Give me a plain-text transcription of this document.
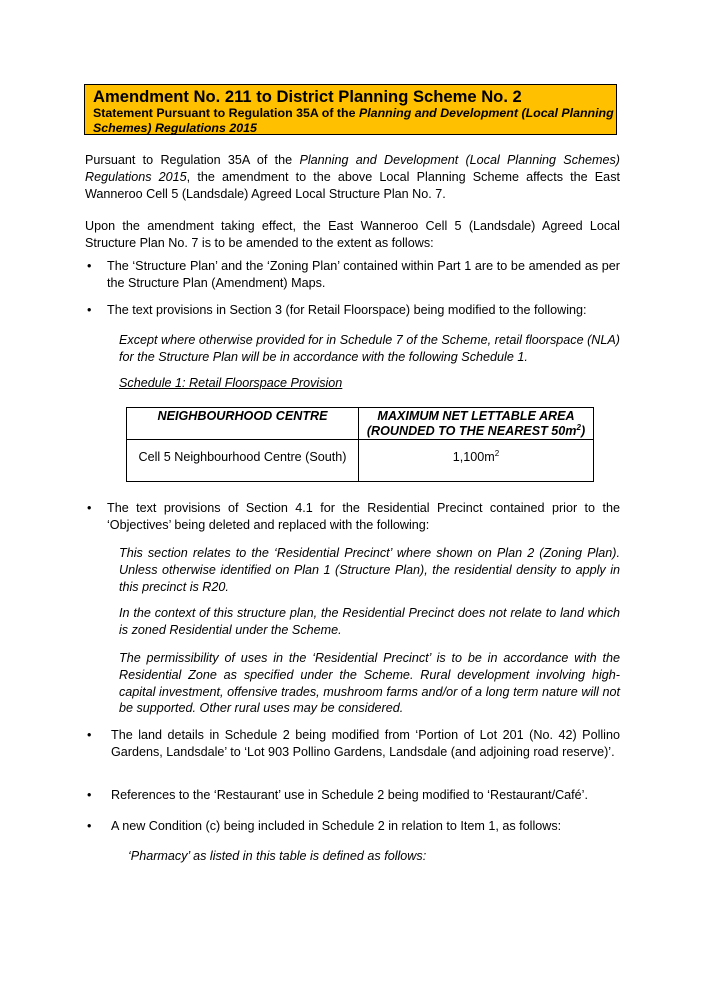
Amendment No. 211 to District Planning Scheme No. 2
Statement Pursuant to Regulation 35A of the Planning and Development (Local Planning Schemes) Regulations 2015
Pursuant to Regulation 35A of the Planning and Development (Local Planning Schemes) Regulations 2015, the amendment to the above Local Planning Scheme affects the East Wanneroo Cell 5 (Landsdale) Agreed Local Structure Plan No. 7.
Upon the amendment taking effect, the East Wanneroo Cell 5 (Landsdale) Agreed Local Structure Plan No. 7 is to be amended to the extent as follows:
• The ‘Structure Plan’ and the ‘Zoning Plan’ contained within Part 1 are to be amended as per the Structure Plan (Amendment) Maps.
• The text provisions in Section 3 (for Retail Floorspace) being modified to the following:
Except where otherwise provided for in Schedule 7 of the Scheme, retail floorspace (NLA) for the Structure Plan will be in accordance with the following Schedule 1.
Schedule 1: Retail Floorspace Provision
NEIGHBOURHOOD CENTRE	MAXIMUM NET LETTABLE AREA
(ROUNDED TO THE NEAREST $50m^2$)
Cell 5 Neighbourhood Centre (South)	$1,100m^2$
• The text provisions of Section 4.1 for the Residential Precinct contained prior to the ‘Objectives’ being deleted and replaced with the following:
This section relates to the ‘Residential Precinct’ where shown on Plan 2 (Zoning Plan). Unless otherwise identified on Plan 1 (Structure Plan), the residential density to apply in this precinct is R20.
In the context of this structure plan, the Residential Precinct does not relate to land which is zoned Residential under the Scheme.
The permissibility of uses in the ‘Residential Precinct’ is to be in accordance with the Residential Zone as specified under the Scheme. Rural development involving high-capital investment, offensive trades, mushroom farms and/or of a long term nature will not be supported. Other rural uses may be considered.
• The land details in Schedule 2 being modified from ‘Portion of Lot 201 (No. 42) Pollino Gardens, Landsdale’ to ‘Lot 903 Pollino Gardens, Landsdale (and adjoining road reserve)’.
• References to the ‘Restaurant’ use in Schedule 2 being modified to ‘Restaurant/Café’.
• A new Condition (c) being included in Schedule 2 in relation to Item 1, as follows:
‘Pharmacy’ as listed in this table is defined as follows:
